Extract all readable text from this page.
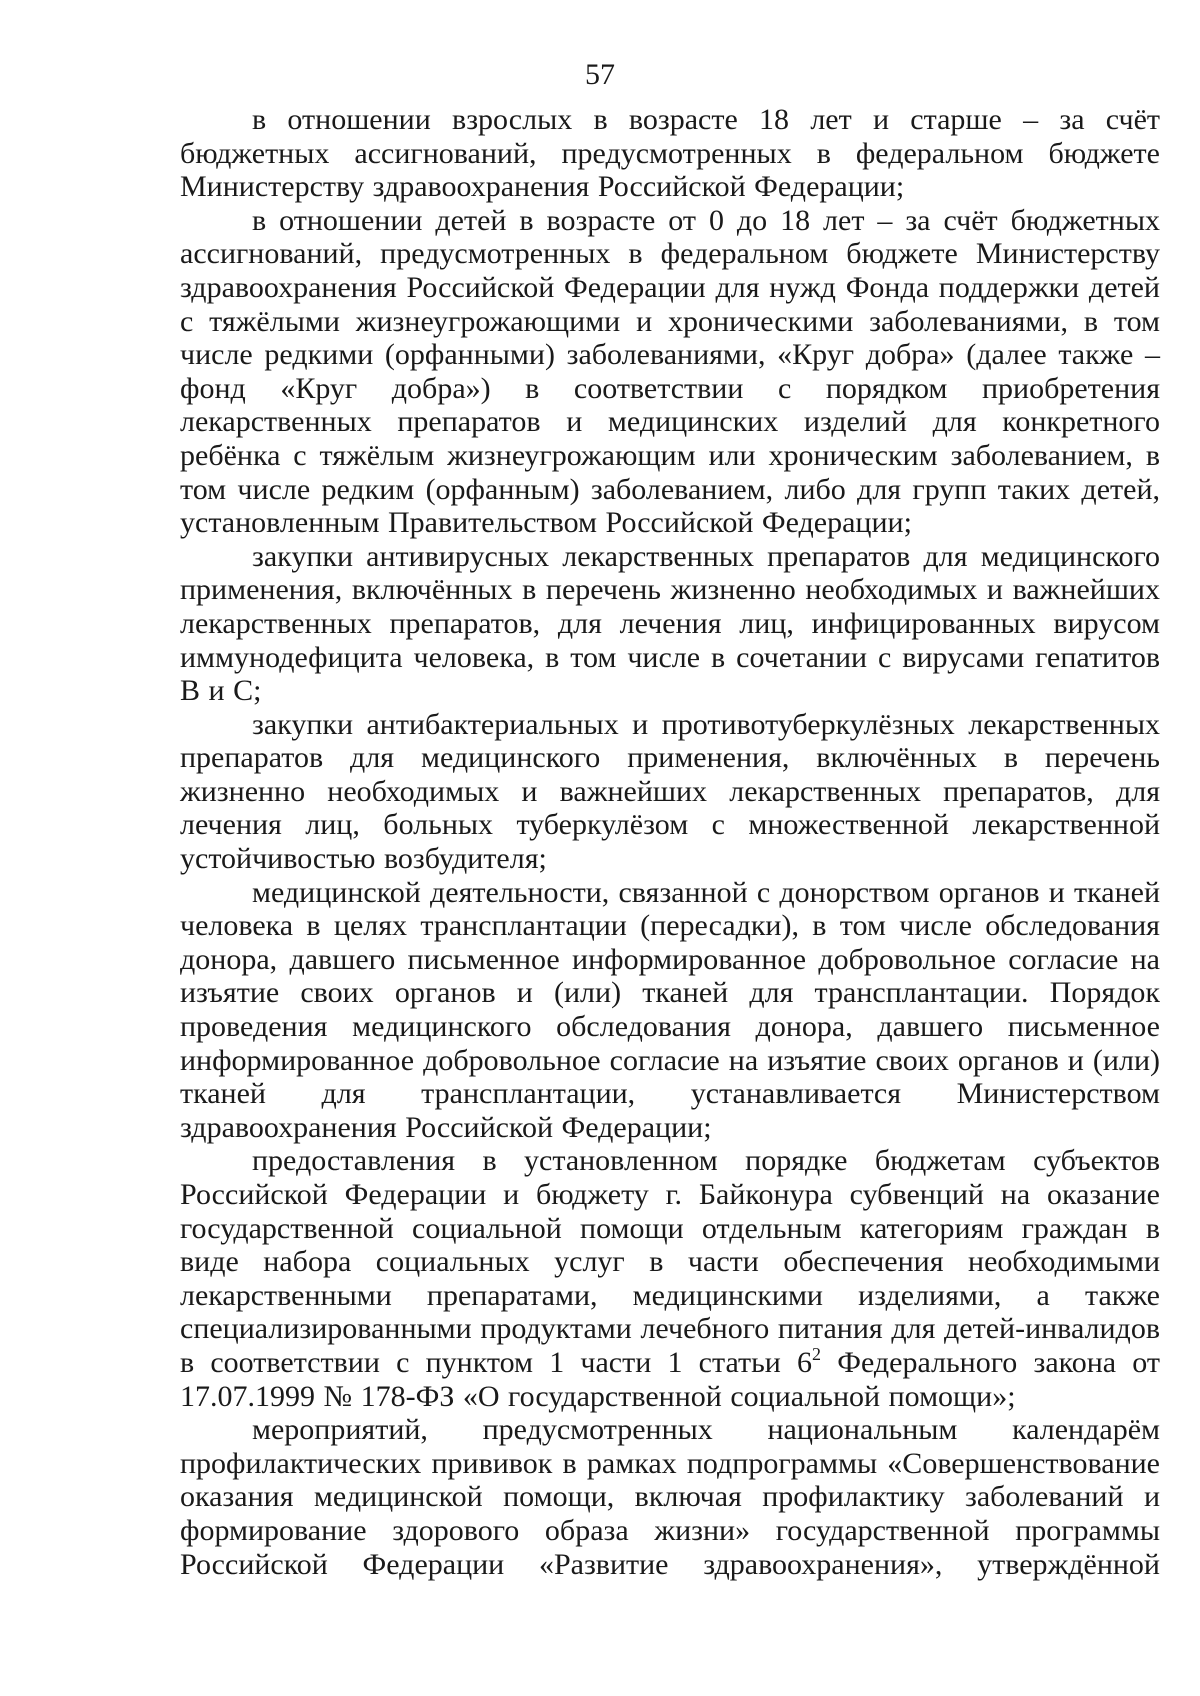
57

в отношении взрослых в возрасте 18 лет и старше – за счёт бюджетных ассигнований, предусмотренных в федеральном бюджете Министерству здравоохранения Российской Федерации;

в отношении детей в возрасте от 0 до 18 лет – за счёт бюджетных ассигнований, предусмотренных в федеральном бюджете Министерству здравоохранения Российской Федерации для нужд Фонда поддержки детей с тяжёлыми жизнеугрожающими и хроническими заболеваниями, в том числе редкими (орфанными) заболеваниями, «Круг добра» (далее также – фонд «Круг добра») в соответствии с порядком приобретения лекарственных препаратов и медицинских изделий для конкретного ребёнка с тяжёлым жизнеугрожающим или хроническим заболеванием, в том числе редким (орфанным) заболеванием, либо для групп таких детей, установленным Правительством Российской Федерации;

закупки антивирусных лекарственных препаратов для медицинского применения, включённых в перечень жизненно необходимых и важнейших лекарственных препаратов, для лечения лиц, инфицированных вирусом иммунодефицита человека, в том числе в сочетании с вирусами гепатитов B и C;

закупки антибактериальных и противотуберкулёзных лекарственных препаратов для медицинского применения, включённых в перечень жизненно необходимых и важнейших лекарственных препаратов, для лечения лиц, больных туберкулёзом с множественной лекарственной устойчивостью возбудителя;

медицинской деятельности, связанной с донорством органов и тканей человека в целях трансплантации (пересадки), в том числе обследования донора, давшего письменное информированное добровольное согласие на изъятие своих органов и (или) тканей для трансплантации. Порядок проведения медицинского обследования донора, давшего письменное информированное добровольное согласие на изъятие своих органов и (или) тканей для трансплантации, устанавливается Министерством здравоохранения Российской Федерации;

предоставления в установленном порядке бюджетам субъектов Российской Федерации и бюджету г. Байконура субвенций на оказание государственной социальной помощи отдельным категориям граждан в виде набора социальных услуг в части обеспечения необходимыми лекарственными препаратами, медицинскими изделиями, а также специализированными продуктами лечебного питания для детей-инвалидов в соответствии с пунктом 1 части 1 статьи $6^2$ Федерального закона от 17.07.1999 № 178-ФЗ «О государственной социальной помощи»;

мероприятий, предусмотренных национальным календарём профилактических прививок в рамках подпрограммы «Совершенствование оказания медицинской помощи, включая профилактику заболеваний и формирование здорового образа жизни» государственной программы Российской Федерации «Развитие здравоохранения», утверждённой
